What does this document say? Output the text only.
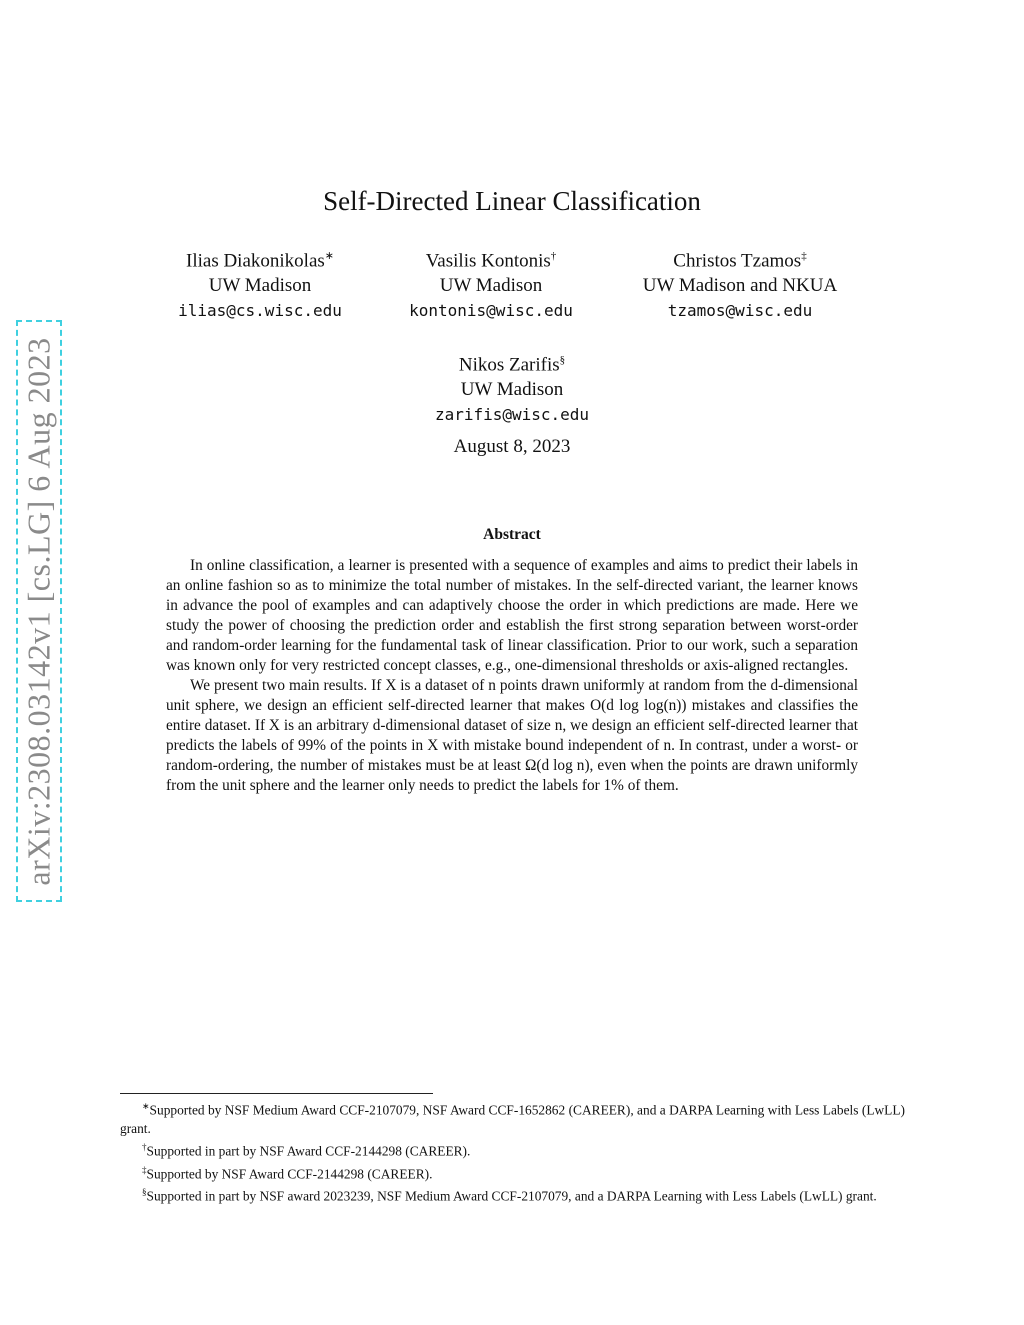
arXiv:2308.03142v1 [cs.LG] 6 Aug 2023
Self-Directed Linear Classification
Ilias Diakonikolas∗
UW Madison
ilias@cs.wisc.edu
Vasilis Kontonis†
UW Madison
kontonis@wisc.edu
Christos Tzamos‡
UW Madison and NKUA
tzamos@wisc.edu
Nikos Zarifis§
UW Madison
zarifis@wisc.edu
August 8, 2023
Abstract

In online classification, a learner is presented with a sequence of examples and aims to predict their labels in an online fashion so as to minimize the total number of mistakes. In the self-directed variant, the learner knows in advance the pool of examples and can adaptively choose the order in which predictions are made. Here we study the power of choosing the prediction order and establish the first strong separation between worst-order and random-order learning for the fundamental task of linear classification. Prior to our work, such a separation was known only for very restricted concept classes, e.g., one-dimensional thresholds or axis-aligned rectangles.

We present two main results. If X is a dataset of n points drawn uniformly at random from the d-dimensional unit sphere, we design an efficient self-directed learner that makes O(d log log(n)) mistakes and classifies the entire dataset. If X is an arbitrary d-dimensional dataset of size n, we design an efficient self-directed learner that predicts the labels of 99% of the points in X with mistake bound independent of n. In contrast, under a worst- or random-ordering, the number of mistakes must be at least Ω(d log n), even when the points are drawn uniformly from the unit sphere and the learner only needs to predict the labels for 1% of them.

∗Supported by NSF Medium Award CCF-2107079, NSF Award CCF-1652862 (CAREER), and a DARPA Learning with Less Labels (LwLL) grant.

†Supported in part by NSF Award CCF-2144298 (CAREER).

‡Supported by NSF Award CCF-2144298 (CAREER).

§Supported in part by NSF award 2023239, NSF Medium Award CCF-2107079, and a DARPA Learning with Less Labels (LwLL) grant.
